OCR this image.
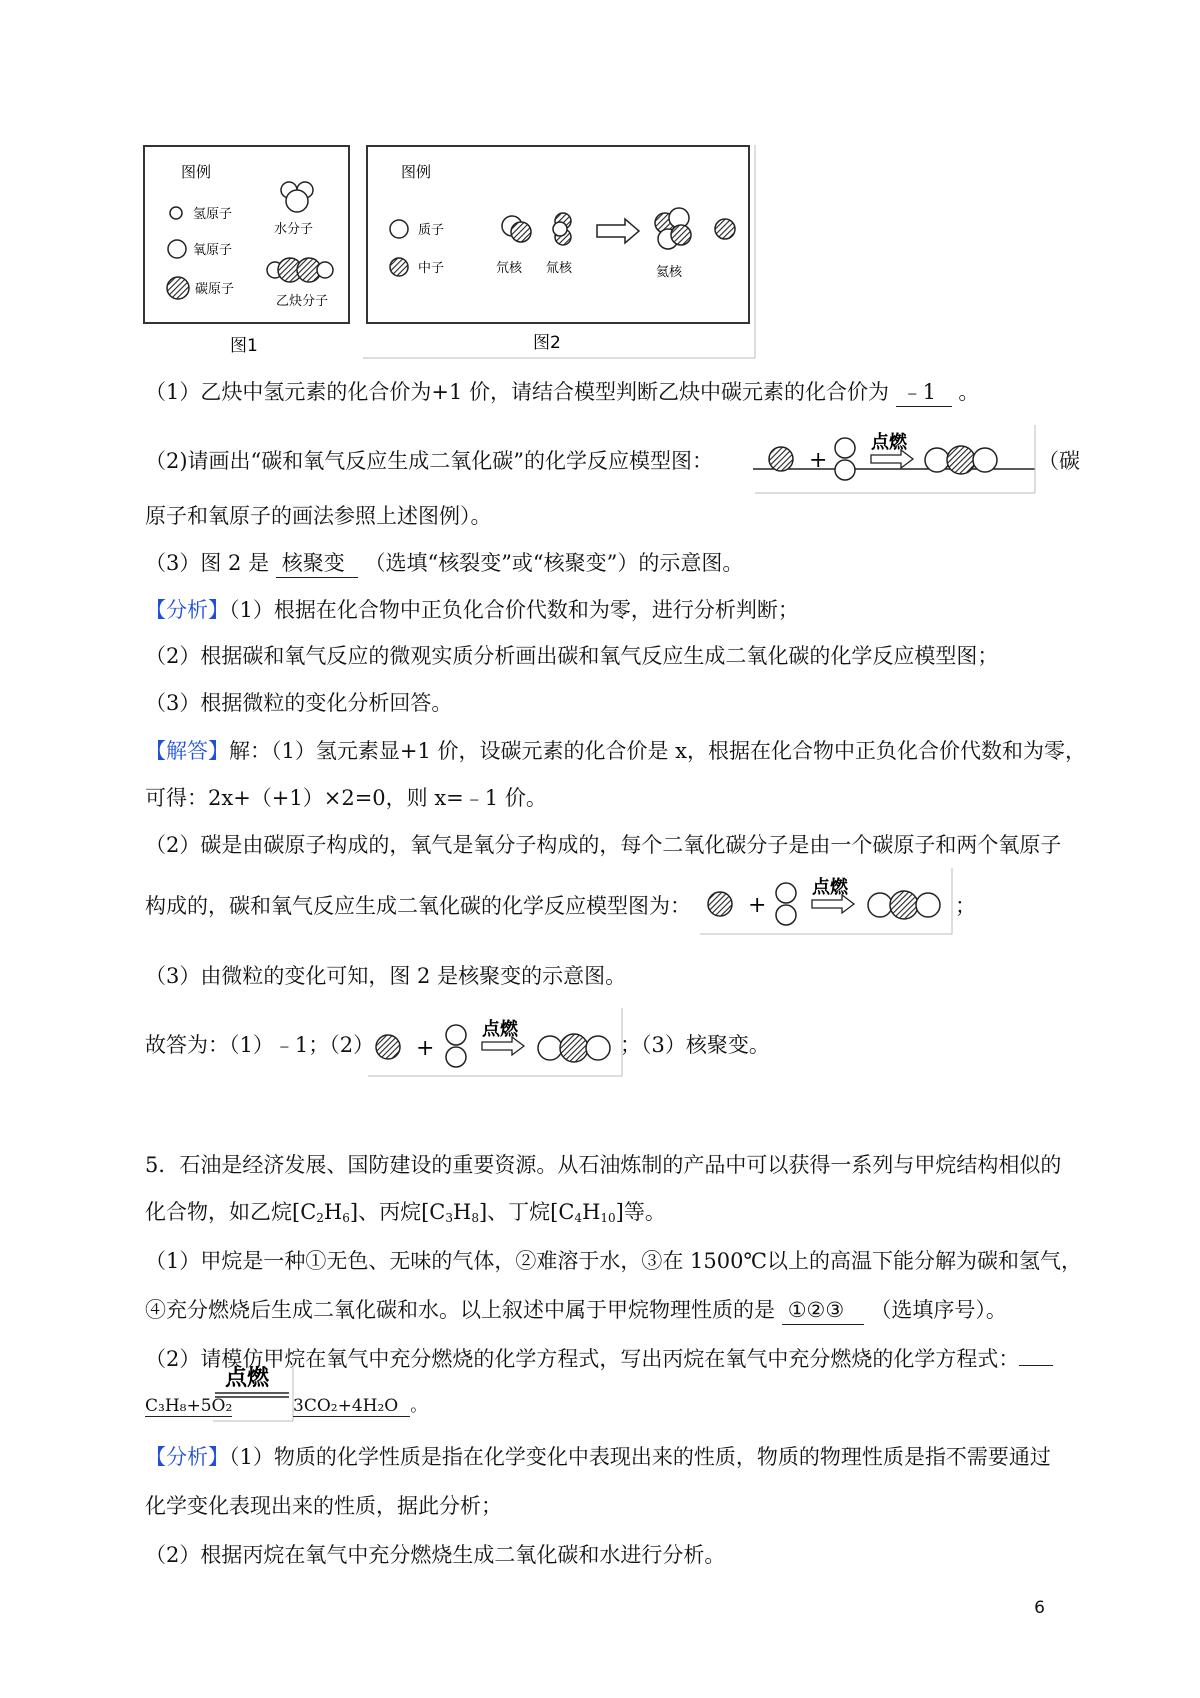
图例
氢原子
氧原子
碳原子
水分子
乙炔分子
图1
图例
质子
中子	氘核 氚核	氦核
图2
（1）乙炔中氢元素的化合价为+1 价，请结合模型判断乙炔中碳元素的化合价为 ﹣1 。
（2)请画出“碳和氧气反应生成二氧化碳”的化学反应模型图：	+
点燃
（碳
原子和氧原子的画法参照上述图例）。
（3）图 2 是 核聚变 （选填“核裂变”或“核聚变”）的示意图。
【分析】（1）根据在化合物中正负化合价代数和为零，进行分析判断；
（2）根据碳和氧气反应的微观实质分析画出碳和氧气反应生成二氧化碳的化学反应模型图；
（3）根据微粒的变化分析回答。
【解答】解：（1）氢元素显+1 价，设碳元素的化合价是 x，根据在化合物中正负化合价代数和为零，
可得：2x+（+1）×2=0，则 x=﹣1 价。
（2）碳是由碳原子构成的，氧气是氧分子构成的，每个二氧化碳分子是由一个碳原子和两个氧原子
构成的，碳和氧气反应生成二氧化碳的化学反应模型图为：	+
点燃
；
（3）由微粒的变化可知，图 2 是核聚变的示意图。
故答为：（1）﹣1；（2） +
点燃
；（3）核聚变。
5．石油是经济发展、国防建设的重要资源。从石油炼制的产品中可以获得一系列与甲烷结构相似的
化合物，如乙烷$[C_2H_6]$、丙烷$[C_3H_8]$、丁烷$[C_4H_{10}]$等。
（1）甲烷是一种①无色、无味的气体，②难溶于水，③在 1500℃以上的高温下能分解为碳和氢气，
④充分燃烧后生成二氧化碳和水。以上叙述中属于甲烷物理性质的是 ①②③ （选填序号）。
（2）请模仿甲烷在氧气中充分燃烧的化学方程式，写出丙烷在氧气中充分燃烧的化学方程式：
C₃H₈+5O₂
点燃
3CO₂+4H₂O 。
【分析】（1）物质的化学性质是指在化学变化中表现出来的性质，物质的物理性质是指不需要通过
化学变化表现出来的性质，据此分析；
（2）根据丙烷在氧气中充分燃烧生成二氧化碳和水进行分析。
6
